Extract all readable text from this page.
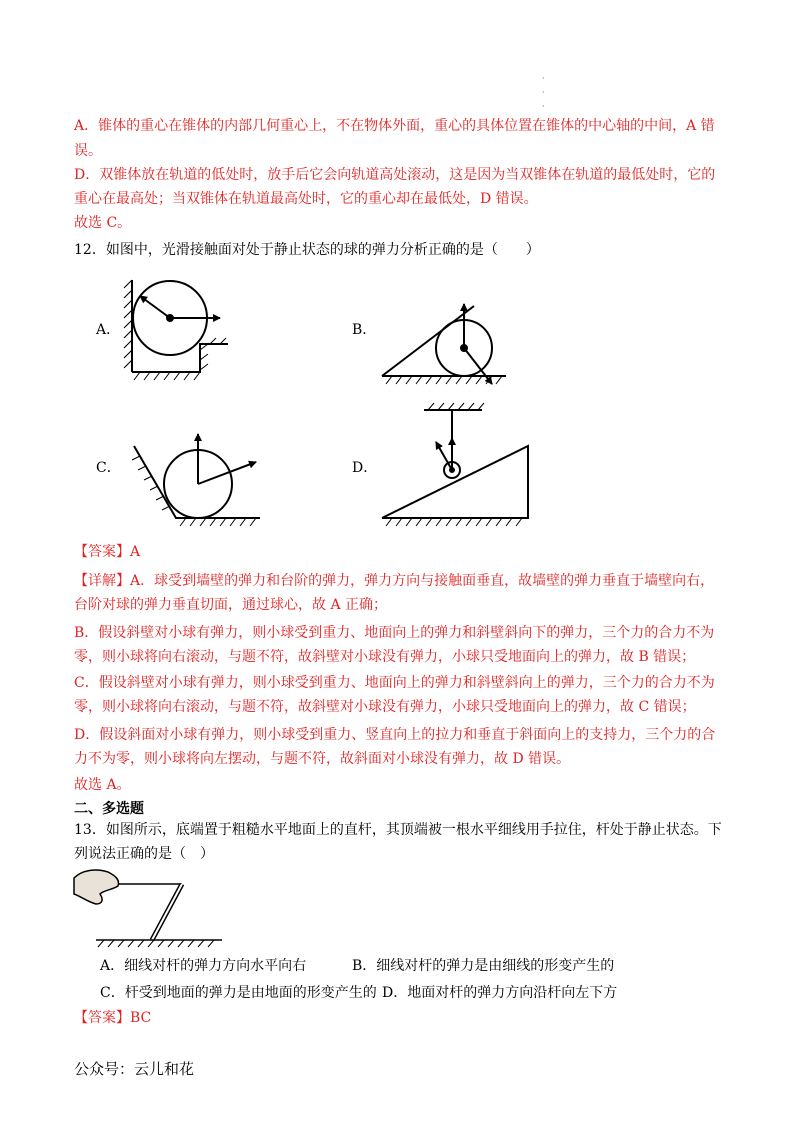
· · ·
A．锥体的重心在锥体的内部几何重心上，不在物体外面，重心的具体位置在锥体的中心轴的中间，A 错
误。
D．双锥体放在轨道的低处时，放手后它会向轨道高处滚动，这是因为当双锥体在轨道的最低处时，它的
重心在最高处；当双锥体在轨道最高处时，它的重心却在最低处，D 错误。
故选 C。
12．如图中，光滑接触面对处于静止状态的球的弹力分析正确的是（　　）
A．	B．
C．	D．
【答案】A
【详解】A．球受到墙壁的弹力和台阶的弹力，弹力方向与接触面垂直，故墙壁的弹力垂直于墙壁向右，
台阶对球的弹力垂直切面，通过球心，故 A 正确；
B．假设斜壁对小球有弹力，则小球受到重力、地面向上的弹力和斜壁斜向下的弹力，三个力的合力不为
零，则小球将向右滚动，与题不符，故斜壁对小球没有弹力，小球只受地面向上的弹力，故 B 错误；
C．假设斜壁对小球有弹力，则小球受到重力、地面向上的弹力和斜壁斜向上的弹力，三个力的合力不为
零，则小球将向右滚动，与题不符，故斜壁对小球没有弹力，小球只受地面向上的弹力，故 C 错误；
D．假设斜面对小球有弹力，则小球受到重力、竖直向上的拉力和垂直于斜面向上的支持力，三个力的合
力不为零，则小球将向左摆动，与题不符，故斜面对小球没有弹力，故 D 错误。
故选 A。
二、多选题
13．如图所示，底端置于粗糙水平地面上的直杆，其顶端被一根水平细线用手拉住，杆处于静止状态。下
列说法正确的是（　）
A．细线对杆的弹力方向水平向右	B．细线对杆的弹力是由细线的形变产生的
C．杆受到地面的弹力是由地面的形变产生的 D．地面对杆的弹力方向沿杆向左下方
【答案】BC
公众号：云儿和花
